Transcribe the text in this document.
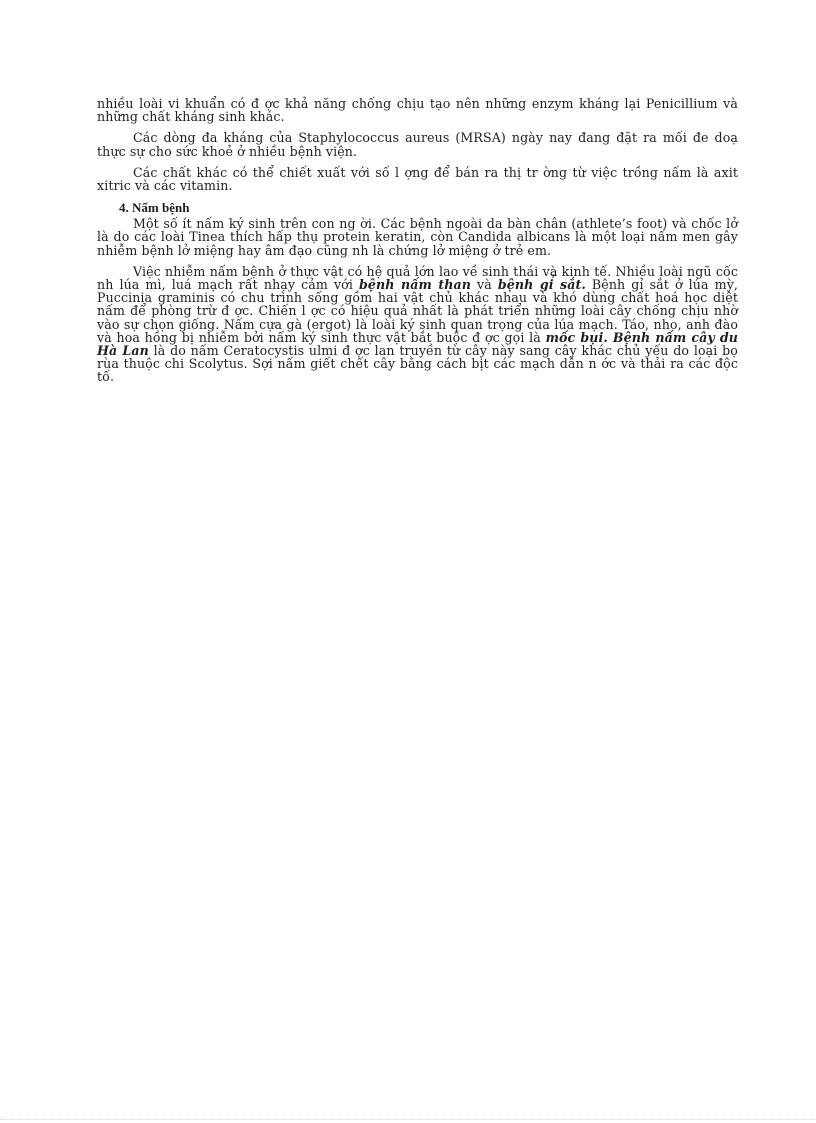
nhiều loài vi khuẩn có đ ợc khả năng chống chịu tạo nên những enzym kháng lại Penicillium và những chất kháng sinh khác.

Các dòng đa kháng của Staphylococcus aureus (MRSA) ngày nay đang đặt ra mối đe doạ thực sự cho sức khoẻ ở nhiều bệnh viện.

Các chất khác có thể chiết xuất với số l ợng để bán ra thị tr ờng từ việc trồng nấm là axit xitric và các vitamin.

4. Nấm bệnh

Một số ít nấm ký sinh trên con ng ời. Các bệnh ngoài da bàn chân (athlete’s foot) và chốc lở là do các loài Tinea thích hấp thụ protein keratin, còn Candida albicans là một loại nấm men gây nhiễm bệnh lở miệng hay âm đạo cũng nh là chứng lở miệng ở trẻ em.

Việc nhiễm nấm bệnh ở thực vật có hệ quả lớn lao về sinh thái và kinh tế. Nhiều loài ngũ cốc nh lúa mì, luá mạch rất nhạy cảm với bệnh nấm than và bệnh gỉ sắt. Bệnh gỉ sắt ở lúa mỳ, Puccinia graminis có chu trình sống gồm hai vật chủ khác nhau và khó dùng chất hoá học diệt nấm để phòng trừ đ ợc. Chiến l ợc có hiệu quả nhất là phát triển những loài cây chống chịu nhờ vào sự chọn giống. Nấm cựa gà (ergot) là loài ký sinh quan trọng của lúa mạch. Táo, nho, anh đào và hoa hồng bị nhiễm bởi nấm ký sinh thực vật bắt buộc đ ợc gọi là mốc bụi. Bệnh nấm cây du Hà Lan là do nấm Ceratocystis ulmi đ ợc lan truyền từ cây này sang cây khác chủ yếu do loại bọ rùa thuộc chi Scolytus. Sợi nấm giết chết cây bằng cách bịt các mạch dẫn n ớc và thải ra các độc tố.
